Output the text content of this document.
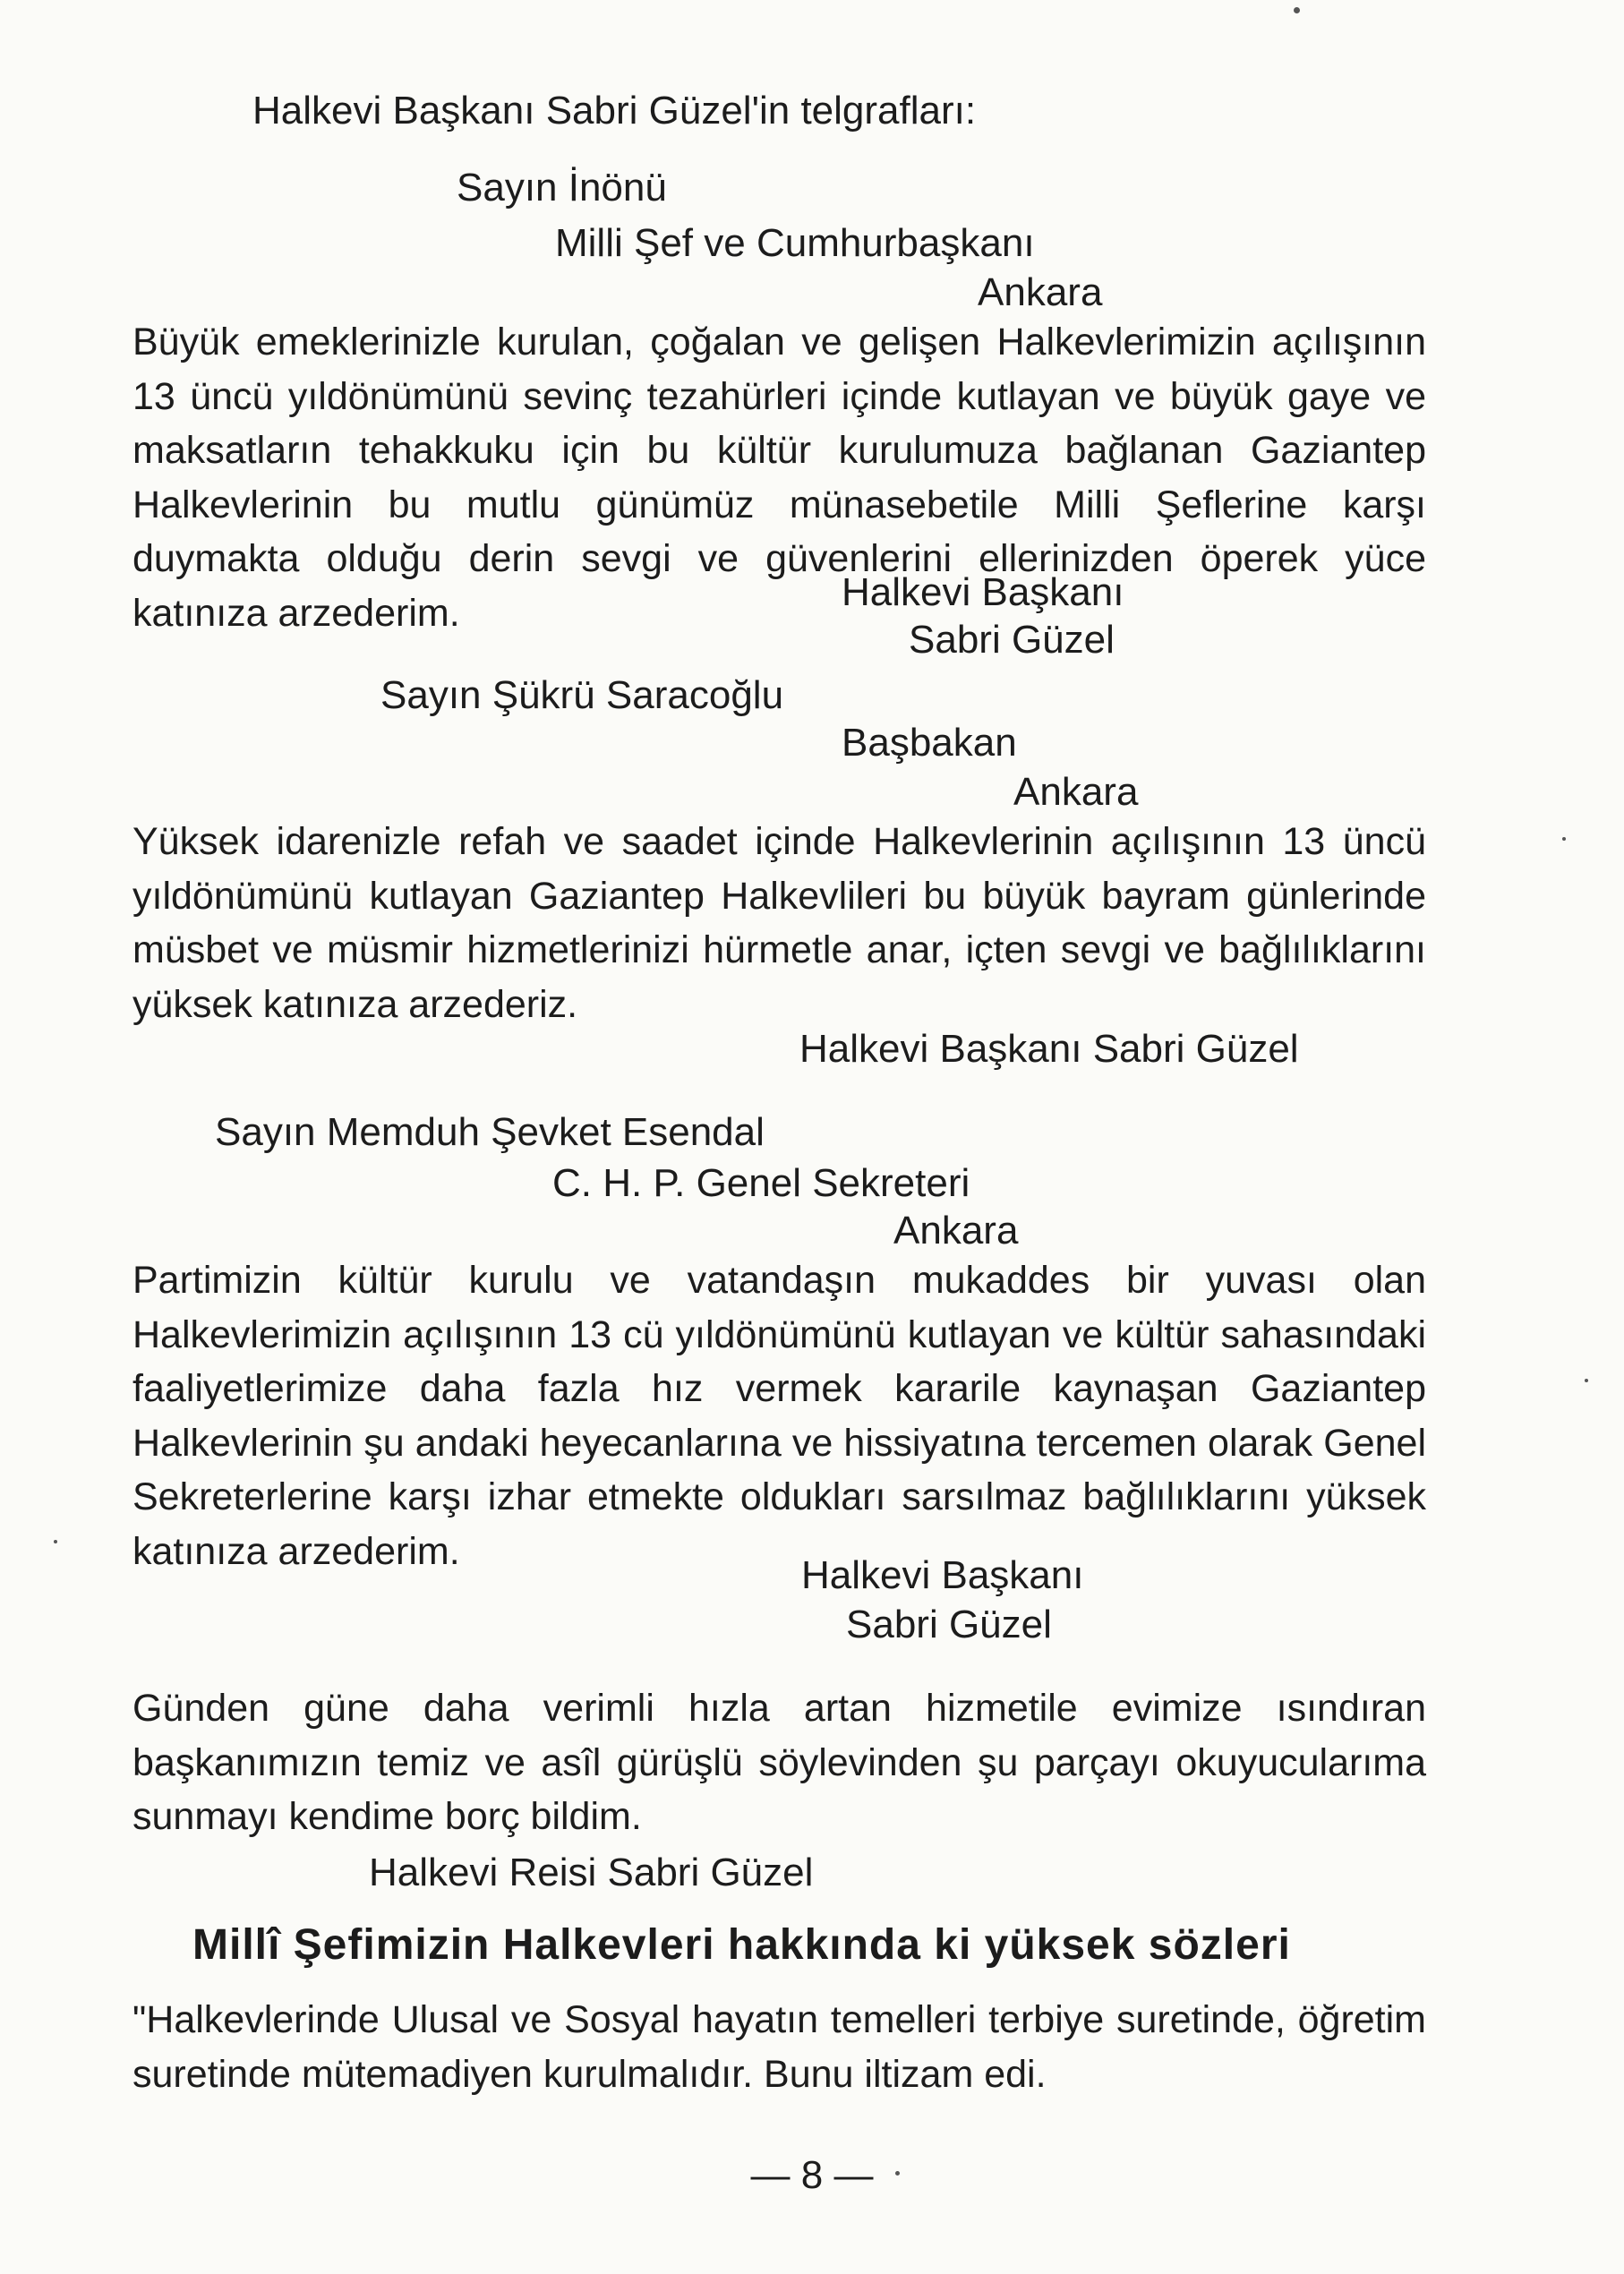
Halkevi Başkanı Sabri Güzel'in telgrafları:
Sayın İnönü
Milli Şef ve Cumhurbaşkanı
Ankara
Büyük emeklerinizle kurulan, çoğalan ve gelişen Halkevlerimizin açılışının 13 üncü yıldönümünü sevinç tezahürleri içinde kutlayan ve büyük gaye ve maksatların tehakkuku için bu kültür kurulumuza bağlanan Gaziantep Halkevlerinin bu mutlu günümüz münasebetile Milli Şeflerine karşı duymakta olduğu derin sevgi ve güvenlerini ellerinizden öperek yüce katınıza arzederim.	Halkevi Başkanı
Sabri Güzel
Sayın Şükrü Saracoğlu
Başbakan
Ankara
Yüksek idarenizle refah ve saadet içinde Halkevlerinin açılışının 13 üncü yıldönümünü kutlayan Gaziantep Halkevlileri bu büyük bayram günlerinde müsbet ve müsmir hizmetlerinizi hürmetle anar, içten sevgi ve bağlılıklarını yüksek katınıza arzederiz.
Halkevi Başkanı Sabri Güzel
Sayın Memduh Şevket Esendal
C. H. P. Genel Sekreteri
Ankara
Partimizin kültür kurulu ve vatandaşın mukaddes bir yuvası olan Halkevlerimizin açılışının 13 cü yıldönümünü kutlayan ve kültür sahasındaki faaliyetlerimize daha fazla hız vermek kararile kaynaşan Gaziantep Halkevlerinin şu andaki heyecanlarına ve hissiyatına tercemen olarak Genel Sekreterlerine karşı izhar etmekte oldukları sarsılmaz bağlılıklarını yüksek katınıza arzederim.
Halkevi Başkanı
Sabri Güzel
Günden güne daha verimli hızla artan hizmetile evimize ısındıran başkanımızın temiz ve asîl gürüşlü söylevinden şu parçayı okuyucularıma sunmayı kendime borç bildim.
Halkevi Reisi Sabri Güzel
Millî Şefimizin Halkevleri hakkında ki yüksek sözleri
"Halkevlerinde Ulusal ve Sosyal hayatın temelleri terbiye suretinde, öğretim suretinde mütemadiyen kurulmalıdır. Bunu iltizam edi.
— 8 —
